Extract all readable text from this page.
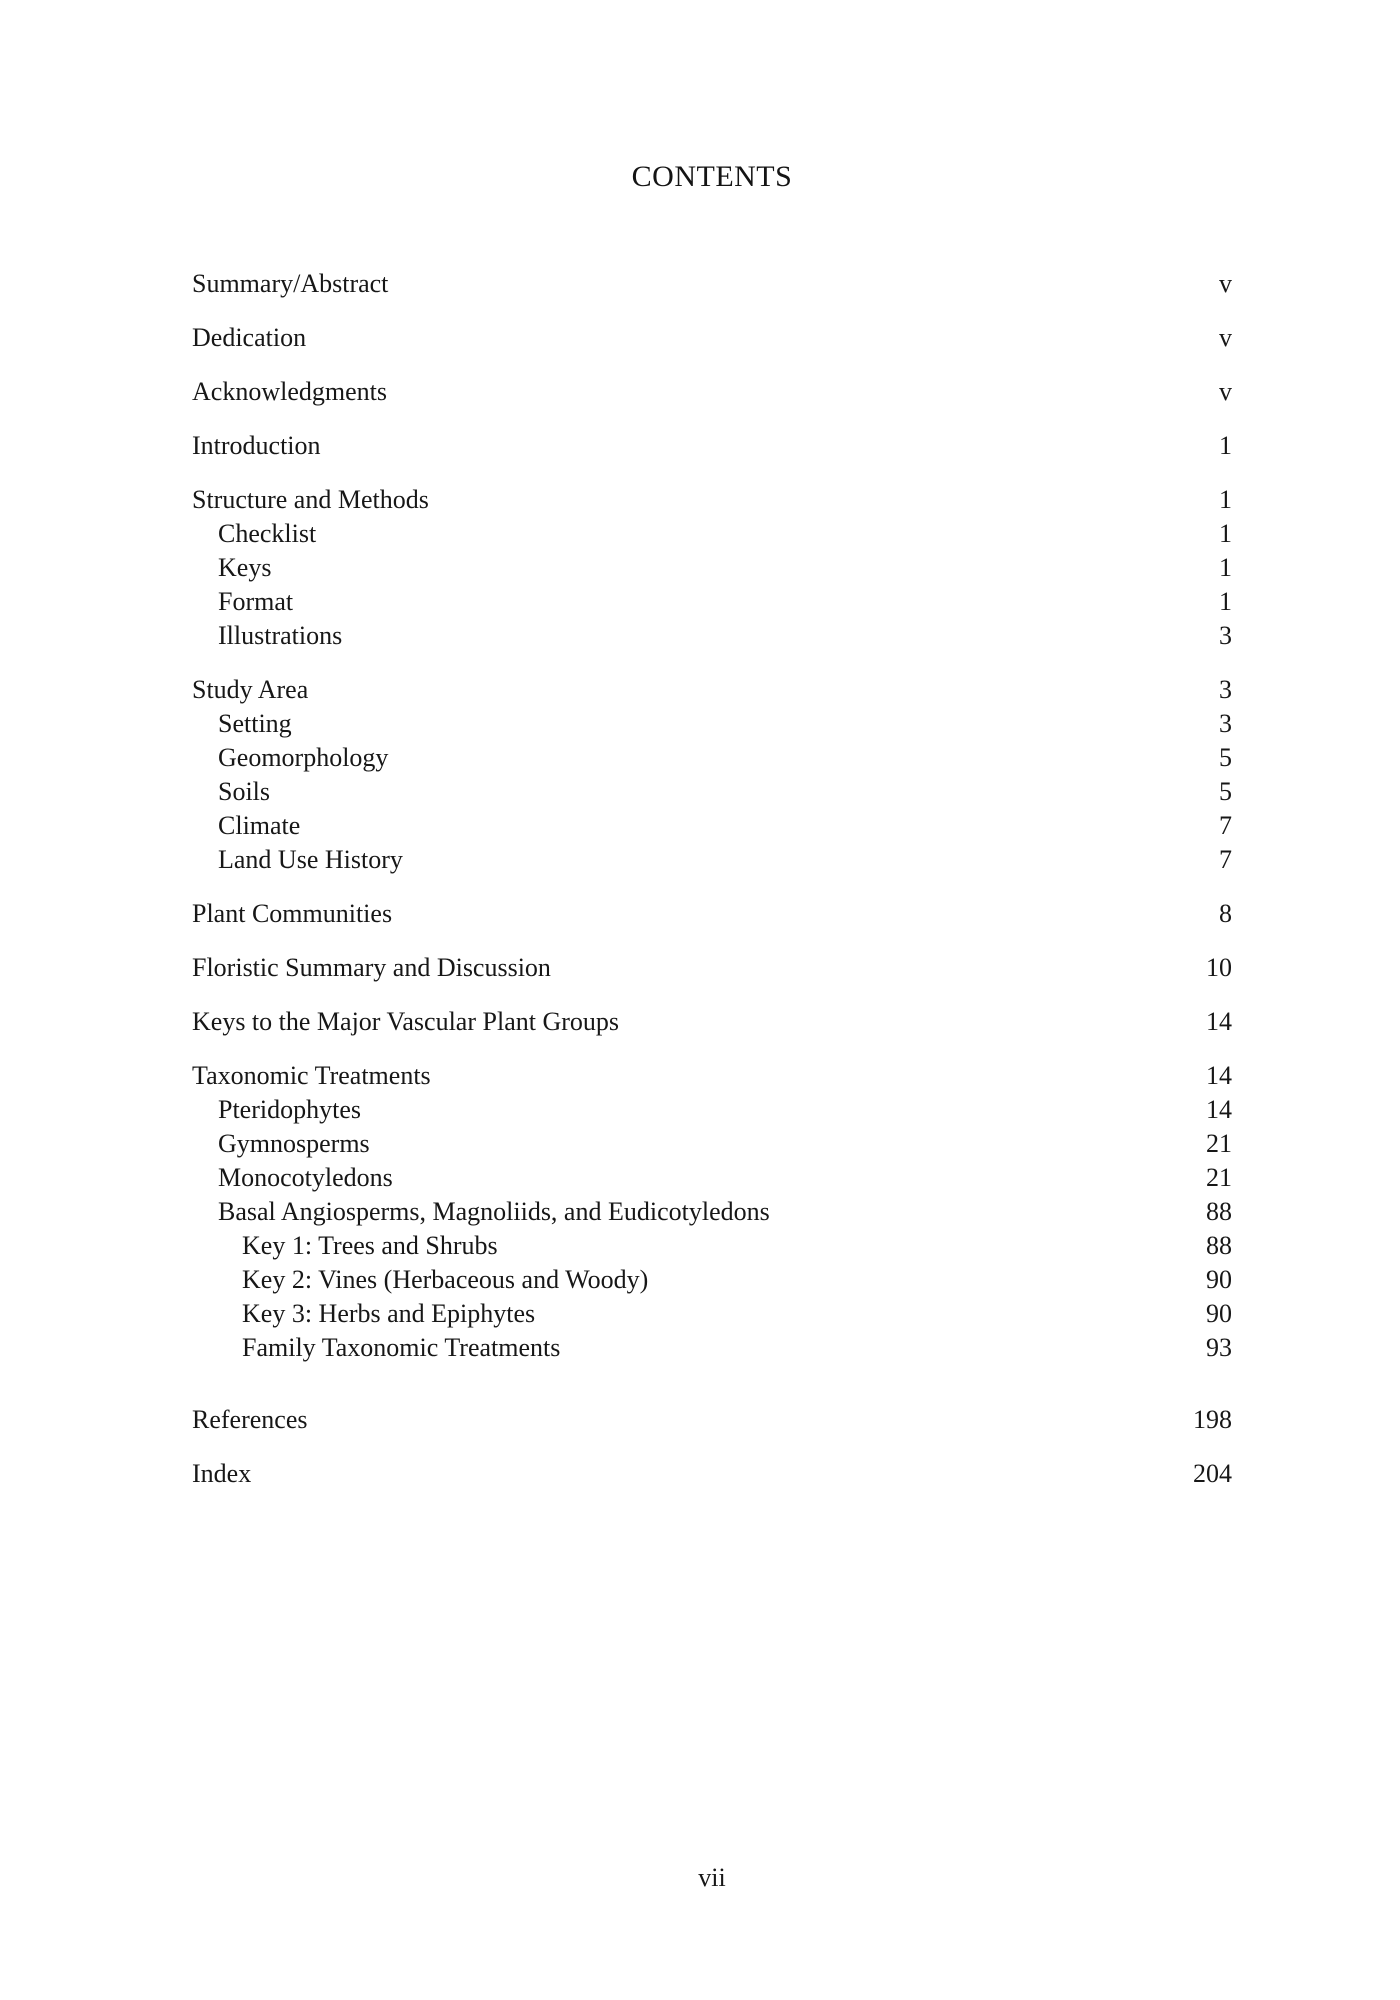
CONTENTS
Summary/Abstract	v
Dedication	v
Acknowledgments	v
Introduction	1
Structure and Methods	1
Checklist	1
Keys	1
Format	1
Illustrations	3
Study Area	3
Setting	3
Geomorphology	5
Soils	5
Climate	7
Land Use History	7
Plant Communities	8
Floristic Summary and Discussion	10
Keys to the Major Vascular Plant Groups	14
Taxonomic Treatments	14
Pteridophytes	14
Gymnosperms	21
Monocotyledons	21
Basal Angiosperms, Magnoliids, and Eudicotyledons	88
Key 1: Trees and Shrubs	88
Key 2: Vines (Herbaceous and Woody)	90
Key 3: Herbs and Epiphytes	90
Family Taxonomic Treatments	93
References	198
Index	204
vii
